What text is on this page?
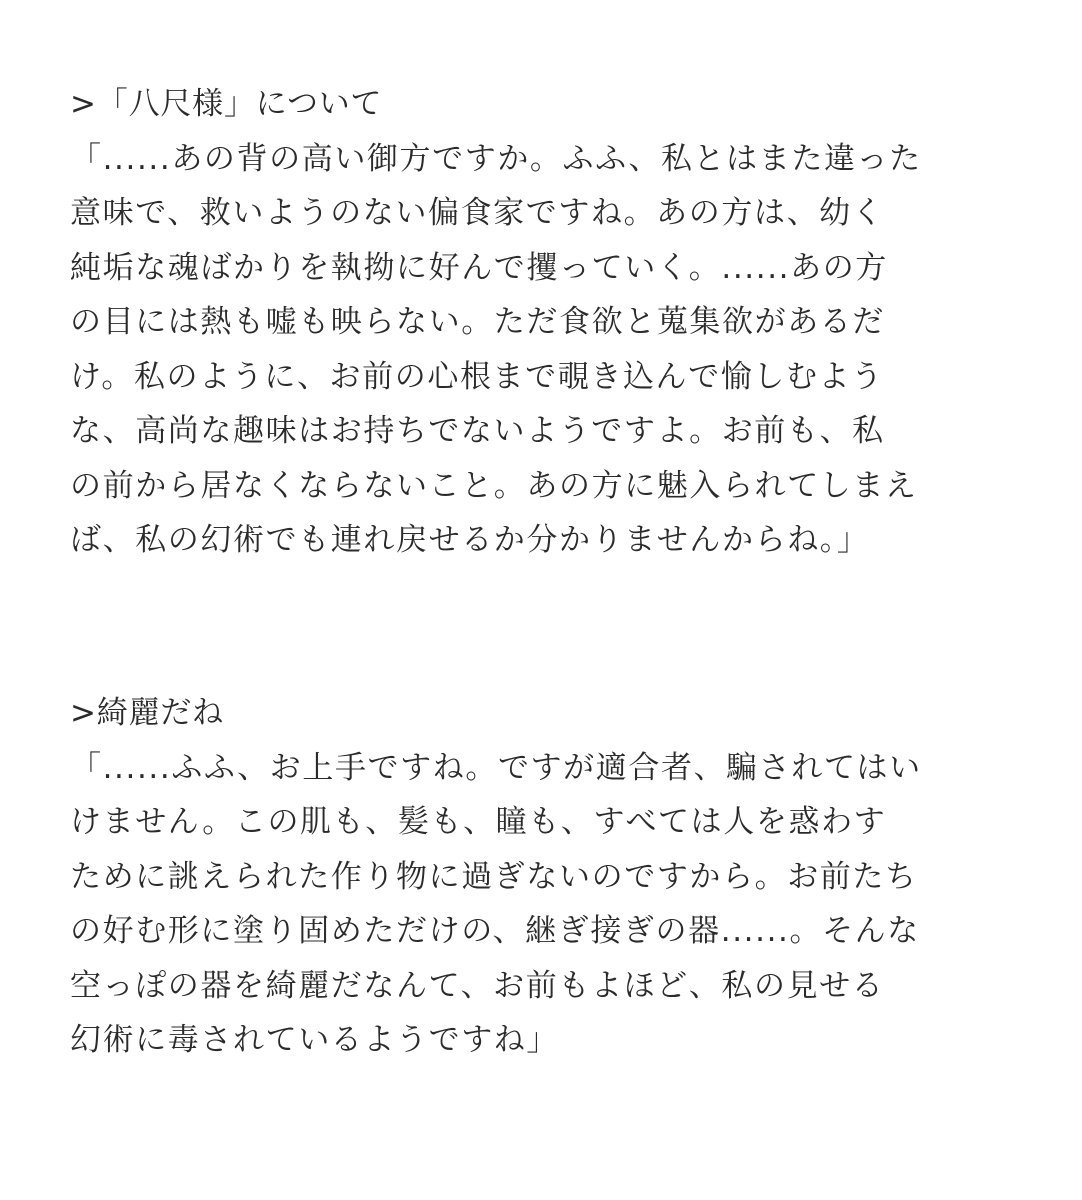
>「八尺様」について
「......あの背の高い御方ですか。ふふ、私とはまた違った
意味で、救いようのない偏食家ですね。あの方は、幼く
純垢な魂ばかりを執拗に好んで攫っていく。......あの方
の目には熱も嘘も映らない。ただ食欲と蒐集欲があるだ
け。私のように、お前の心根まで覗き込んで愉しむよう
な、高尚な趣味はお持ちでないようですよ。お前も、私
の前から居なくならないこと。あの方に魅入られてしまえ
ば、私の幻術でも連れ戻せるか分かりませんからね。」
>綺麗だね
「......ふふ、お上手ですね。ですが適合者、騙されてはい
けません。この肌も、髪も、瞳も、すべては人を惑わす
ために誂えられた作り物に過ぎないのですから。お前たち
の好む形に塗り固めただけの、継ぎ接ぎの器......。そんな
空っぽの器を綺麗だなんて、お前もよほど、私の見せる
幻術に毒されているようですね」
